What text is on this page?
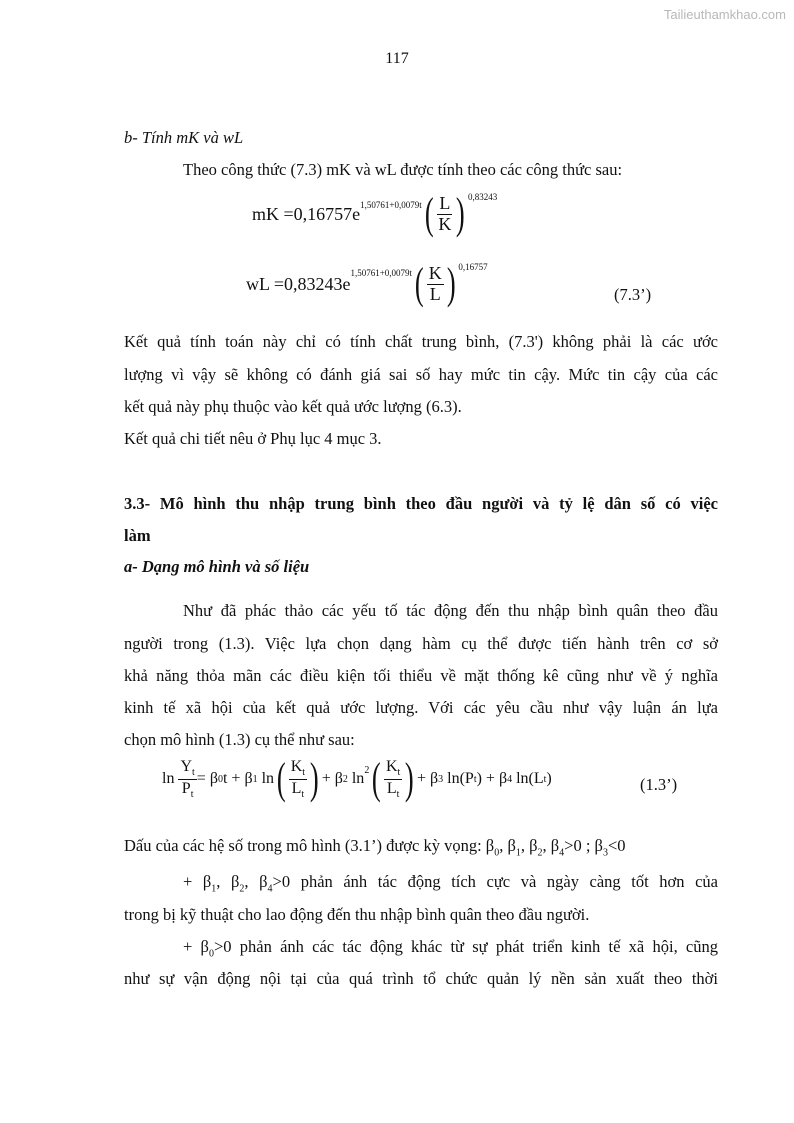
Tailieuthamkhao.com
117
b- Tính mK và wL
Theo công thức (7.3) mK và wL được tính theo các công thức sau:
mK $=0,16757e^{1,50761+0,0079t}$ ( $\frac{L}{K}$ ) $^{0,83243}$
wL =0,83243e
$^{1,50761+0,0079t}$ ( $\frac{K}{L}$ ) $^{0,16757}$
(7.3’)
Kết quả tính toán này chỉ có tính chất trung bình, (7.3') không phải là các ước
lượng vì vậy sẽ không có đánh giá sai số hay mức tin cậy. Mức tin cậy của các
kết quả này phụ thuộc vào kết quả ước lượng (6.3).
Kết quả chi tiết nêu ở Phụ lục 4 mục 3.
3.3- Mô hình thu nhập trung bình theo đầu người và tỷ lệ dân số có việc
làm
a- Dạng mô hình và số liệu
Như đã phác thảo các yếu tố tác động đến thu nhập bình quân theo đầu
người trong (1.3). Việc lựa chọn dạng hàm cụ thể được tiến hành trên cơ sở
khả năng thỏa mãn các điều kiện tối thiểu về mặt thống kê cũng như về ý nghĩa
kinh tế xã hội của kết quả ước lượng. Với các yêu cầu như vậy luận án lựa
chọn mô hình (1.3) cụ thể như sau:
ln
$\frac{Y_t}{P_t} = \beta$ 0 t + β 1
ln ( $\frac{K_t}{L_t}$ ) + β 2
$\ln^2$ ( $\frac{K_t}{L_t}$ ) + β 3
ln(P t ) + β 4
ln(L t )	(1.3’)
Dấu của các hệ số trong mô hình (3.1’) được kỳ vọng: $\beta_0$, $\beta_1$, $\beta_2$, $\beta_4>0$ ; $\beta_3<0$
+ $\beta_1$, $\beta_2$, $\beta_4>0$ phản ánh tác động tích cực và ngày càng tốt hơn của
trong bị kỹ thuật cho lao động đến thu nhập bình quân theo đầu người.
+ $\beta_0>0$ phản ánh các tác động khác từ sự phát triển kinh tế xã hội, cũng
như sự vận động nội tại của quá trình tổ chức quản lý nền sản xuất theo thời
